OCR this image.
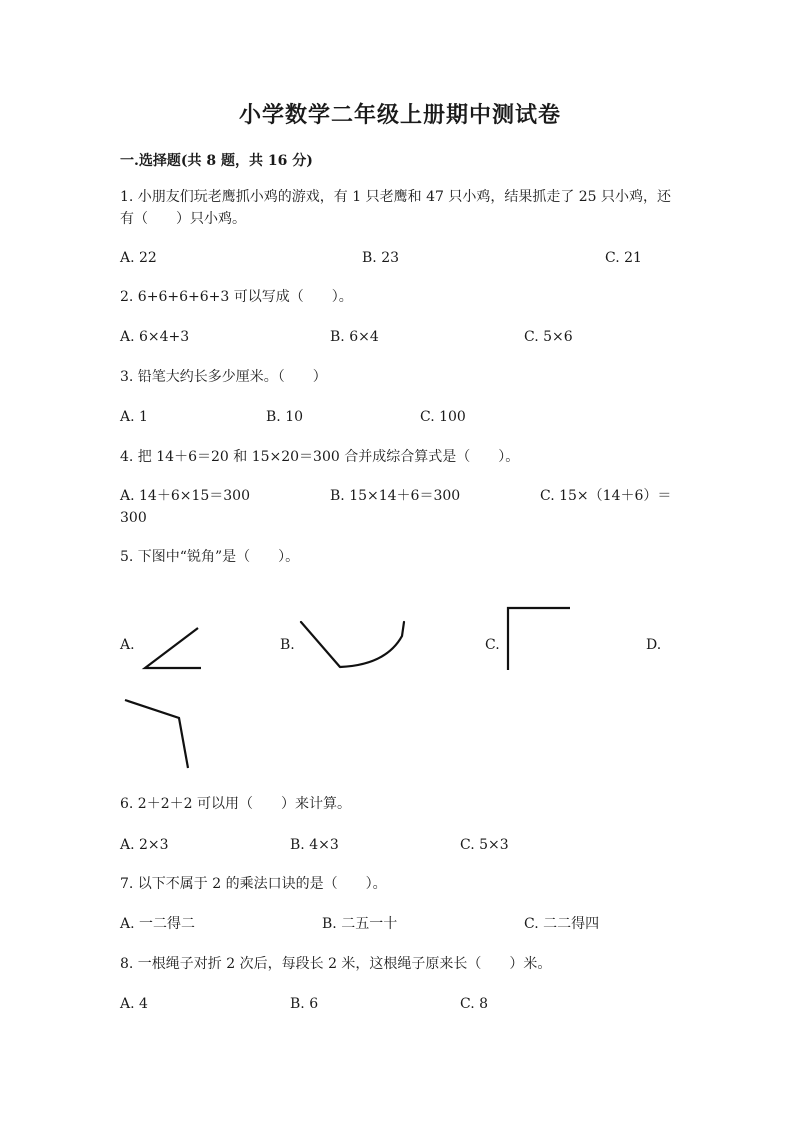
小学数学二年级上册期中测试卷
一.选择题(共 8 题，共 16 分)
1. 小朋友们玩老鹰抓小鸡的游戏，有 1 只老鹰和 47 只小鸡，结果抓走了 25 只小鸡，还有（　　）只小鸡。
A. 22	B. 23	C. 21
2. 6+6+6+6+3 可以写成（　　）。
A. 6×4+3	B. 6×4	C. 5×6
3. 铅笔大约长多少厘米。（　　）
A. 1	B. 10	C. 100
4. 把 14＋6＝20 和 15×20＝300 合并成综合算式是（　　）。
A. 14＋6×15＝300	B. 15×14＋6＝300	C. 15×（14＋6）＝
300
5. 下图中“锐角”是（　　）。
A.	B.	C.	D.
6. 2＋2＋2 可以用（　　）来计算。
A. 2×3	B. 4×3	C. 5×3
7. 以下不属于 2 的乘法口诀的是（　　）。
A. 一二得二	B. 二五一十	C. 二二得四
8. 一根绳子对折 2 次后，每段长 2 米，这根绳子原来长（　　）米。
A. 4	B. 6	C. 8
